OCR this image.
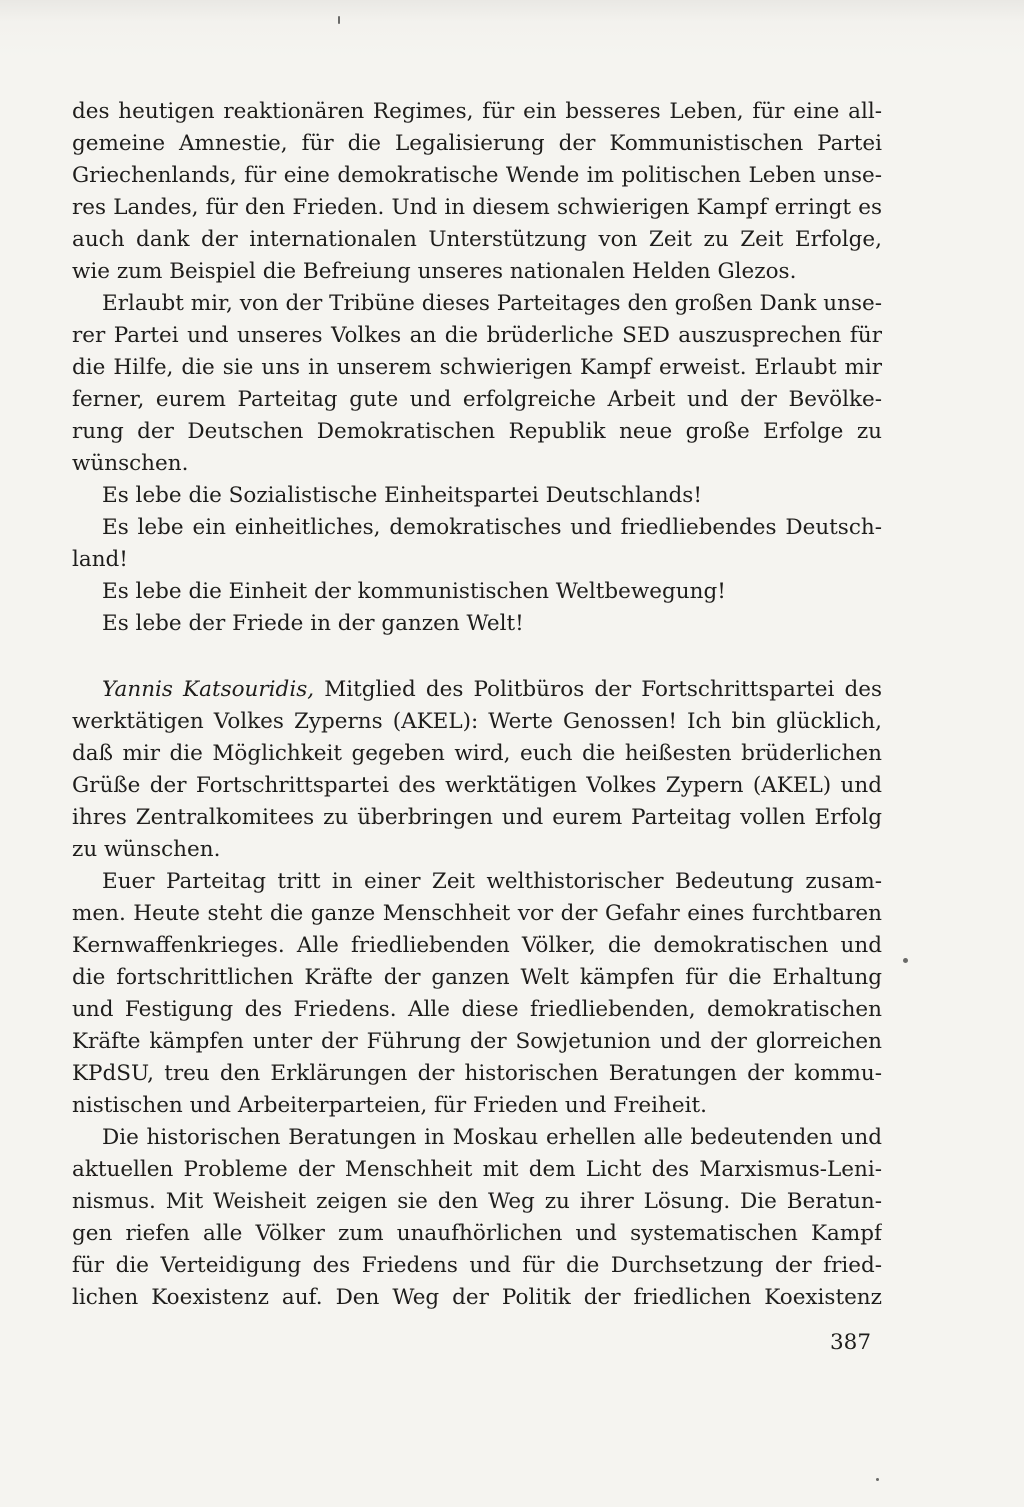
des heutigen reaktionären Regimes, für ein besseres Leben, für eine all-
gemeine Amnestie, für die Legalisierung der Kommunistischen Partei
Griechenlands, für eine demokratische Wende im politischen Leben unse-
res Landes, für den Frieden. Und in diesem schwierigen Kampf erringt es
auch dank der internationalen Unterstützung von Zeit zu Zeit Erfolge,
wie zum Beispiel die Befreiung unseres nationalen Helden Glezos.
Erlaubt mir, von der Tribüne dieses Parteitages den großen Dank unse-
rer Partei und unseres Volkes an die brüderliche SED auszusprechen für
die Hilfe, die sie uns in unserem schwierigen Kampf erweist. Erlaubt mir
ferner, eurem Parteitag gute und erfolgreiche Arbeit und der Bevölke-
rung der Deutschen Demokratischen Republik neue große Erfolge zu
wünschen.
Es lebe die Sozialistische Einheitspartei Deutschlands!
Es lebe ein einheitliches, demokratisches und friedliebendes Deutsch-
land!
Es lebe die Einheit der kommunistischen Weltbewegung!
Es lebe der Friede in der ganzen Welt!
Yannis Katsouridis, Mitglied des Politbüros der Fortschrittspartei des
werktätigen Volkes Zyperns (AKEL): Werte Genossen! Ich bin glücklich,
daß mir die Möglichkeit gegeben wird, euch die heißesten brüderlichen
Grüße der Fortschrittspartei des werktätigen Volkes Zypern (AKEL) und
ihres Zentralkomitees zu überbringen und eurem Parteitag vollen Erfolg
zu wünschen.
Euer Parteitag tritt in einer Zeit welthistorischer Bedeutung zusam-
men. Heute steht die ganze Menschheit vor der Gefahr eines furchtbaren
Kernwaffenkrieges. Alle friedliebenden Völker, die demokratischen und
die fortschrittlichen Kräfte der ganzen Welt kämpfen für die Erhaltung
und Festigung des Friedens. Alle diese friedliebenden, demokratischen
Kräfte kämpfen unter der Führung der Sowjetunion und der glorreichen
KPdSU, treu den Erklärungen der historischen Beratungen der kommu-
nistischen und Arbeiterparteien, für Frieden und Freiheit.
Die historischen Beratungen in Moskau erhellen alle bedeutenden und
aktuellen Probleme der Menschheit mit dem Licht des Marxismus-Leni-
nismus. Mit Weisheit zeigen sie den Weg zu ihrer Lösung. Die Beratun-
gen riefen alle Völker zum unaufhörlichen und systematischen Kampf
für die Verteidigung des Friedens und für die Durchsetzung der fried-
lichen Koexistenz auf. Den Weg der Politik der friedlichen Koexistenz
387
